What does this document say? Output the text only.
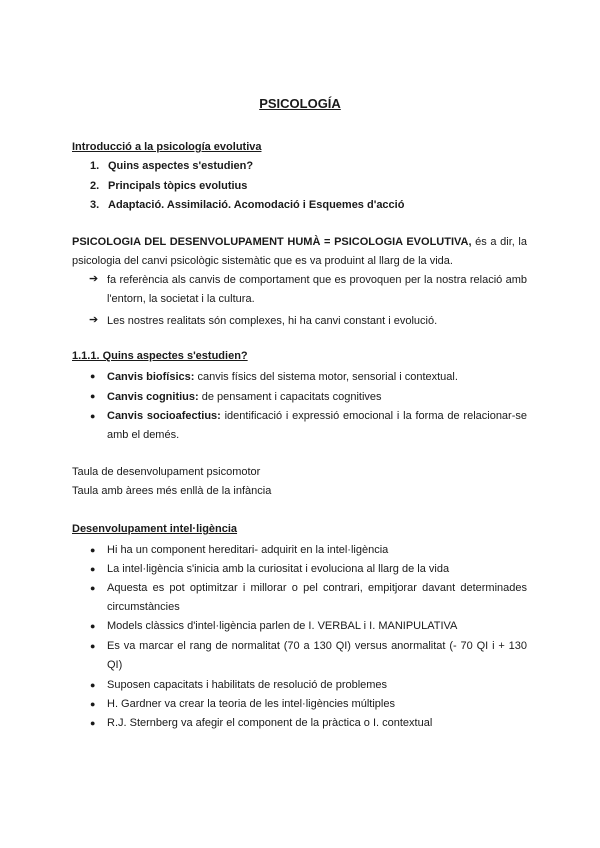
PSICOLOGÍA
Introducció a la psicología evolutiva
1. Quins aspectes s'estudien?
2. Principals tòpics evolutius
3. Adaptació. Assimilació. Acomodació i Esquemes d'acció
PSICOLOGIA DEL DESENVOLUPAMENT HUMÀ = PSICOLOGIA EVOLUTIVA, és a dir, la psicologia del canvi psicològic sistemàtic que es va produint al llarg de la vida.
➔ fa referència als canvis de comportament que es provoquen per la nostra relació amb l'entorn, la societat i la cultura.
➔ Les nostres realitats són complexes, hi ha canvi constant i evolució.
1.1.1. Quins aspectes s'estudien?
● Canvis biofísics: canvis físics del sistema motor, sensorial i contextual.
● Canvis cognitius: de pensament i capacitats cognitives
● Canvis socioafectius: identificació i expressió emocional i la forma de relacionar-se amb el demés.
Taula de desenvolupament psicomotor
Taula amb àrees més enllà de la infància
Desenvolupament intel·ligència
● Hi ha un component hereditari- adquirit en la intel·ligència
● La intel·ligència s'inicia amb la curiositat i evoluciona al llarg de la vida
● Aquesta es pot optimitzar i millorar o pel contrari, empitjorar davant determinades circumstàncies
● Models clàssics d'intel·ligència parlen de I. VERBAL i I. MANIPULATIVA
● Es va marcar el rang de normalitat (70 a 130 QI) versus anormalitat (- 70 QI i + 130 QI)
● Suposen capacitats i habilitats de resolució de problemes
● H. Gardner va crear la teoria de les intel·ligències múltiples
● R.J. Sternberg va afegir el component de la pràctica o I. contextual
